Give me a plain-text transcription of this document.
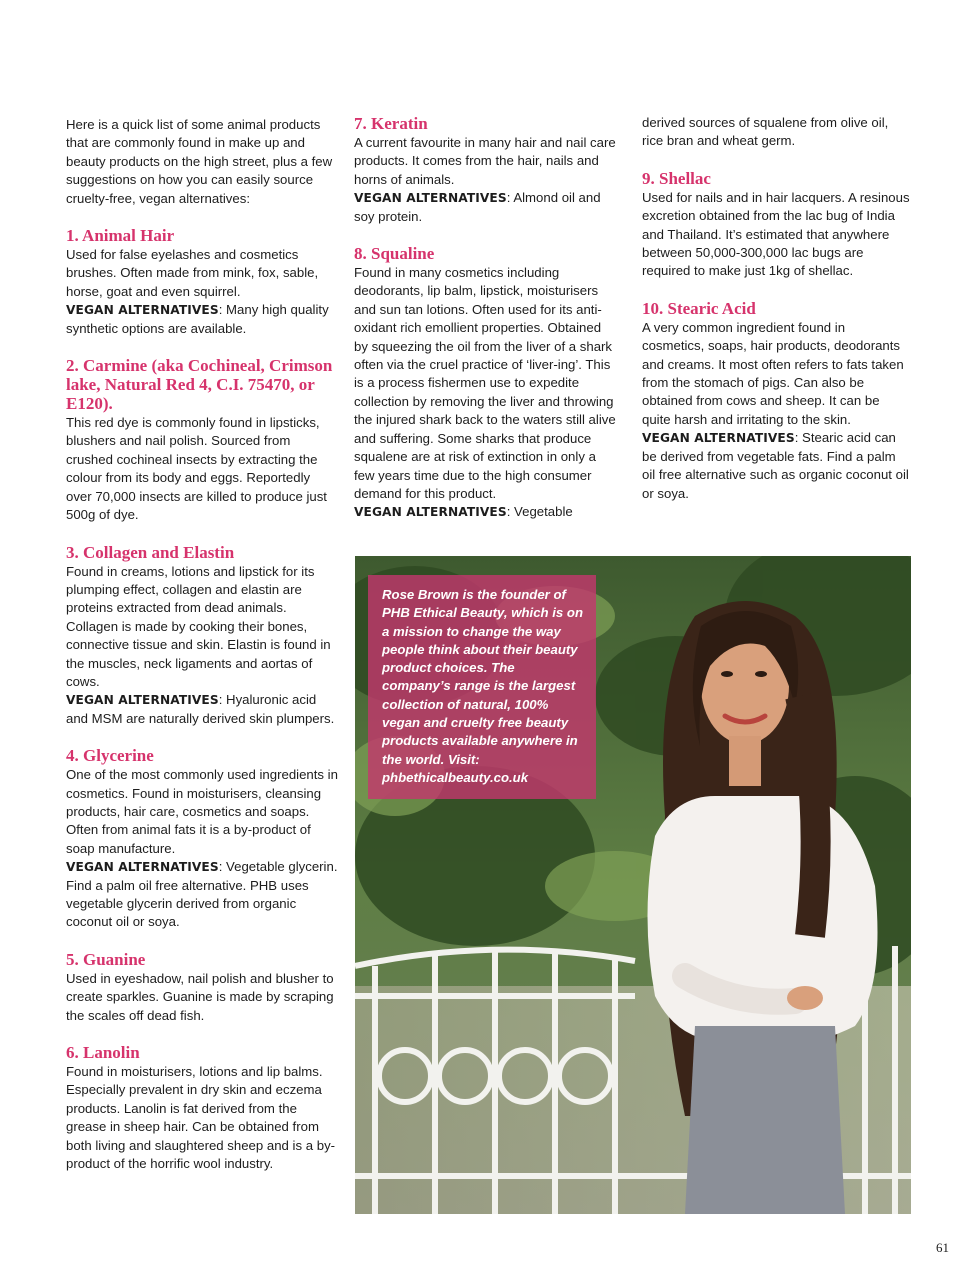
Here is a quick list of some animal products that are commonly found in make up and beauty products on the high street, plus a few suggestions on how you can easily source cruelty-free, vegan alternatives:

1. Animal Hair

Used for false eyelashes and cosmetics brushes. Often made from mink, fox, sable, horse, goat and even squirrel.
VEGAN ALTERNATIVES: Many high quality synthetic options are available.

2. Carmine (aka Cochineal, Crimson lake, Natural Red 4, C.I. 75470, or E120).

This red dye is commonly found in lipsticks, blushers and nail polish. Sourced from crushed cochineal insects by extracting the colour from its body and eggs. Reportedly over 70,000 insects are killed to produce just 500g of dye.

3. Collagen and Elastin

Found in creams, lotions and lipstick for its plumping effect, collagen and elastin are proteins extracted from dead animals. Collagen is made by cooking their bones, connective tissue and skin. Elastin is found in the muscles, neck ligaments and aortas of cows.
VEGAN ALTERNATIVES: Hyaluronic acid and MSM are naturally derived skin plumpers.

4. Glycerine

One of the most commonly used ingredients in cosmetics. Found in moisturisers, cleansing products, hair care, cosmetics and soaps. Often from animal fats it is a by-product of soap manufacture.
VEGAN ALTERNATIVES: Vegetable glycerin. Find a palm oil free alternative. PHB uses vegetable glycerin derived from organic coconut oil or soya.

5. Guanine

Used in eyeshadow, nail polish and blusher to create sparkles. Guanine is made by scraping the scales off dead fish.

6. Lanolin

Found in moisturisers, lotions and lip balms. Especially prevalent in dry skin and eczema products. Lanolin is fat derived from the grease in sheep hair. Can be obtained from both living and slaughtered sheep and is a by-product of the horrific wool industry.

7. Keratin

A current favourite in many hair and nail care products. It comes from the hair, nails and horns of animals.
VEGAN ALTERNATIVES: Almond oil and soy protein.

8. Squaline

Found in many cosmetics including deodorants, lip balm, lipstick, moisturisers and sun tan lotions. Often used for its anti-oxidant rich emollient properties. Obtained by squeezing the oil from the liver of a shark often via the cruel practice of ‘liver-ing’. This is a process fishermen use to expedite collection by removing the liver and throwing the injured shark back to the waters still alive and suffering. Some sharks that produce squalene are at risk of extinction in only a few years time due to the high consumer demand for this product.
VEGAN ALTERNATIVES: Vegetable

derived sources of squalene from olive oil, rice bran and wheat germ.

9. Shellac

Used for nails and in hair lacquers. A resinous excretion obtained from the lac bug of India and Thailand. It’s estimated that anywhere between 50,000-300,000 lac bugs are required to make just 1kg of shellac.

10. Stearic Acid

A very common ingredient found in cosmetics, soaps, hair products, deodorants and creams. It most often refers to fats taken from the stomach of pigs. Can also be obtained from cows and sheep. It can be quite harsh and irritating to the skin.
VEGAN ALTERNATIVES: Stearic acid can be derived from vegetable fats. Find a palm oil free alternative such as organic coconut oil or soya.

Rose Brown is the founder of PHB Ethical Beauty, which is on a mission to change the way people think about their beauty product choices. The company’s range is the largest collection of natural, 100% vegan and cruelty free beauty products available anywhere in the world. Visit: phbethicalbeauty.co.uk
61
